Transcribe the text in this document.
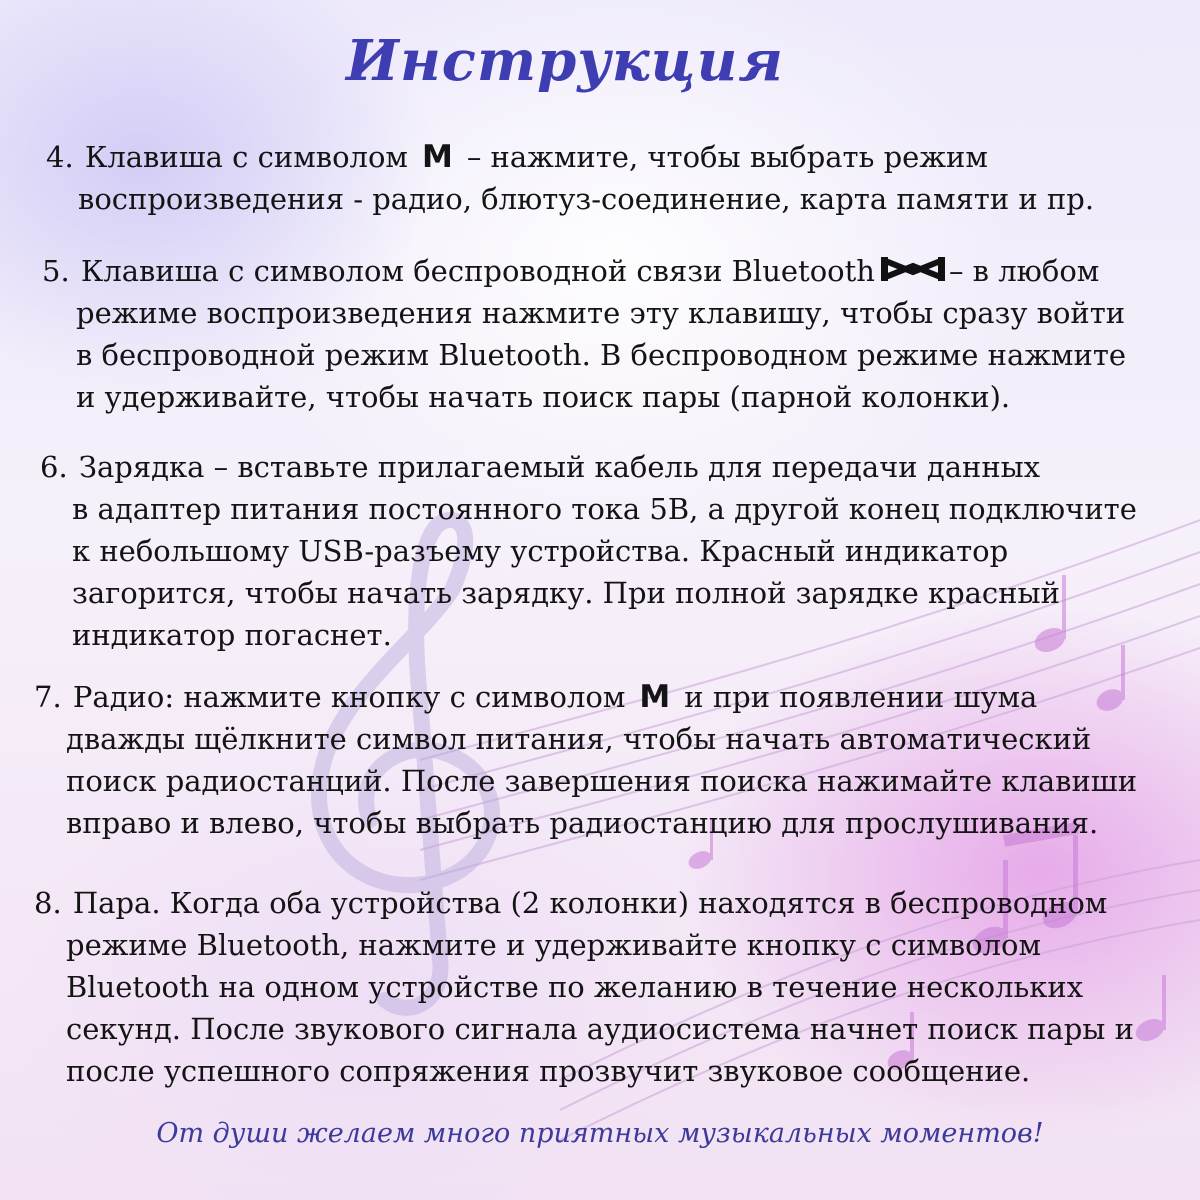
Инструкция
4. Клавиша с символом M – нажмите, чтобы выбрать режим
воспроизведения - радио, блютуз-соединение, карта памяти и пр.
5. Клавиша с символом беспроводной связи Bluetooth	– в любом
режиме воспроизведения нажмите эту клавишу, чтобы сразу войти
в беспроводной режим Bluetooth. В беспроводном режиме нажмите
и удерживайте, чтобы начать поиск пары (парной колонки).
6. Зарядка – вставьте прилагаемый кабель для передачи данных
в адаптер питания постоянного тока 5В, а другой конец подключите
к небольшому USB-разъему устройства. Красный индикатор
загорится, чтобы начать зарядку. При полной зарядке красный
индикатор погаснет.
7. Радио: нажмите кнопку с символом M и при появлении шума
дважды щёлкните символ питания, чтобы начать автоматический
поиск радиостанций. После завершения поиска нажимайте клавиши
вправо и влево, чтобы выбрать радиостанцию для прослушивания.
8. Пара. Когда оба устройства (2 колонки) находятся в беспроводном
режиме Bluetooth, нажмите и удерживайте кнопку с символом
Bluetooth на одном устройстве по желанию в течение нескольких
секунд. После звукового сигнала аудиосистема начнет поиск пары и
после успешного сопряжения прозвучит звуковое сообщение.

От души желаем много приятных музыкальных моментов!
